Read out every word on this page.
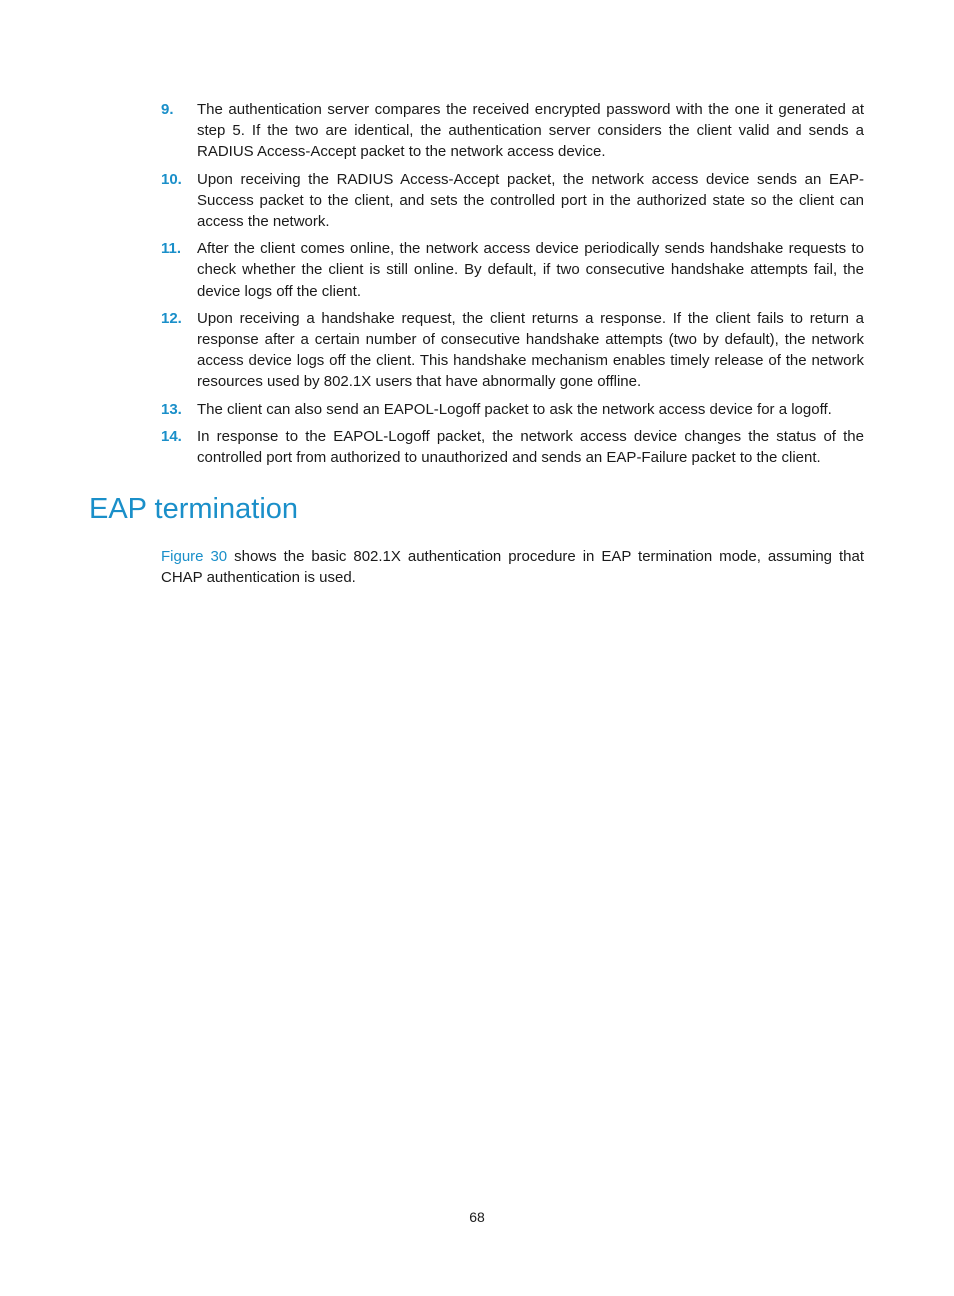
9. The authentication server compares the received encrypted password with the one it generated at step 5. If the two are identical, the authentication server considers the client valid and sends a RADIUS Access-Accept packet to the network access device.
10. Upon receiving the RADIUS Access-Accept packet, the network access device sends an EAP-Success packet to the client, and sets the controlled port in the authorized state so the client can access the network.
11. After the client comes online, the network access device periodically sends handshake requests to check whether the client is still online. By default, if two consecutive handshake attempts fail, the device logs off the client.
12. Upon receiving a handshake request, the client returns a response. If the client fails to return a response after a certain number of consecutive handshake attempts (two by default), the network access device logs off the client. This handshake mechanism enables timely release of the network resources used by 802.1X users that have abnormally gone offline.
13. The client can also send an EAPOL-Logoff packet to ask the network access device for a logoff.
14. In response to the EAPOL-Logoff packet, the network access device changes the status of the controlled port from authorized to unauthorized and sends an EAP-Failure packet to the client.
EAP termination

Figure 30 shows the basic 802.1X authentication procedure in EAP termination mode, assuming that CHAP authentication is used.

68
